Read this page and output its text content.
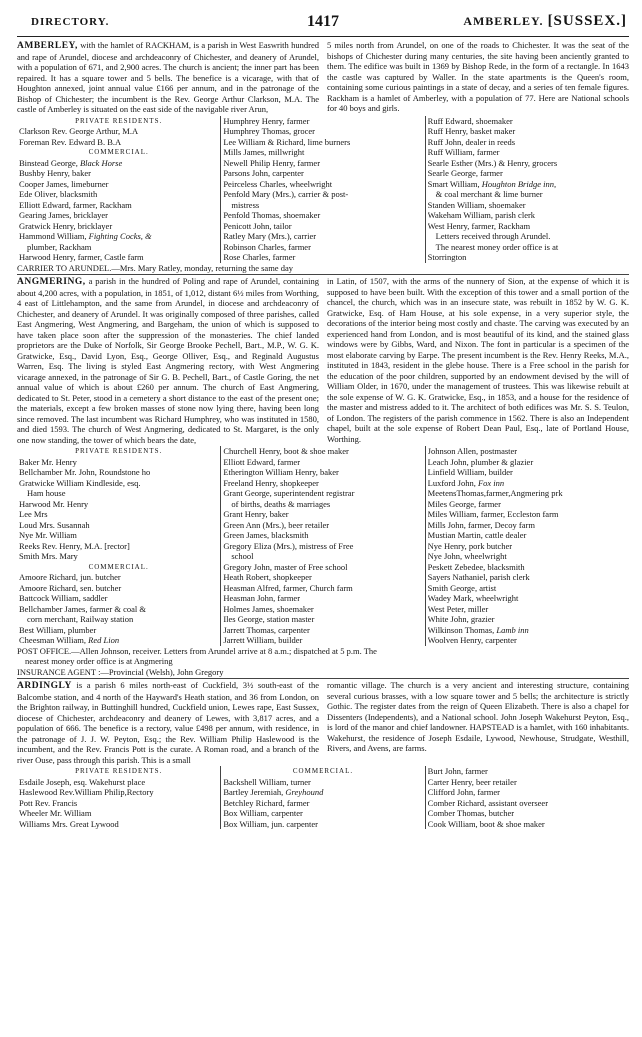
DIRECTORY.	1417	AMBERLEY. [SUSSEX.]
AMBERLEY, with the hamlet of RACKHAM, is a parish in West Easwrith hundred and rape of Arundel, diocese and archdeaconry of Chichester, and deanery of Arundel, with a population of 671, and 2,900 acres. The church is ancient; the inner part has been repaired. It has a square tower and 5 bells. The benefice is a vicarage, with that of Houghton annexed, joint annual value £166 per annum, and in the patronage of the Bishop of Chichester; the incumbent is the Rev. George Arthur Clarkson, M.A. The castle of Amberley is situated on the east side of the navigable river Arun,
5 miles north from Arundel, on one of the roads to Chichester. It was the seat of the bishops of Chichester during many centuries, the site having been anciently granted to them. The edifice was built in 1369 by Bishop Rede, in the form of a rectangle. In 1643 the castle was captured by Waller. In the state apartments is the Queen's room, containing some curious paintings in a state of decay, and a series of ten female figures. Rackham is a hamlet of Amberley, with a population of 77. Here are National schools for 40 boys and girls.
PRIVATE RESIDENTS.
Clarkson Rev. George Arthur, M.A
Foreman Rev. Edward B. B.A
COMMERCIAL.
Binstead George, Black Horse
Bushby Henry, baker
Cooper James, limeburner
Ede Oliver, blacksmith
Elliott Edward, farmer, Rackham
Gearing James, bricklayer
Gratwick Henry, bricklayer
Hammond William, Fighting Cocks, &
plumber, Rackham
Harwood Henry, farmer, Castle farm
Humphrey Henry, farmer
Humphrey Thomas, grocer
Lee William & Richard, lime burners
Mills James, millwright
Newell Philip Henry, farmer
Parsons John, carpenter
Peirceless Charles, wheelwright
Penfold Mary (Mrs.), carrier & post-
mistress
Penfold Thomas, shoemaker
Penicott John, tailor
Ratley Mary (Mrs.), carrier
Robinson Charles, farmer
Rose Charles, farmer
Ruff Edward, shoemaker
Ruff Henry, basket maker
Ruff John, dealer in reeds
Ruff William, farmer
Searle Esther (Mrs.) & Henry, grocers
Searle George, farmer
Smart William, Houghton Bridge inn,
& coal merchant & lime burner
Standen William, shoemaker
Wakeham William, parish clerk
West Henry, farmer, Rackham
Letters received through Arundel.
The nearest money order office is at
Storrington
CARRIER TO ARUNDEL.—Mrs. Mary Ratley, monday, returning the same day
ANGMERING, a parish in the hundred of Poling and rape of Arundel, containing about 4,200 acres, with a population, in 1851, of 1,012, distant 6½ miles from Worthing, 4 east of Littlehampton, and the same from Arundel, in diocese and archdeaconry of Chichester, and deanery of Arundel. It was originally composed of three parishes, called East Angmering, West Angmering, and Bargeham, the union of which is supposed to have taken place soon after the suppression of the monasteries. The chief landed proprietors are the Duke of Norfolk, Sir George Brooke Pechell, Bart., M.P., W. G. K. Gratwicke, Esq., David Lyon, Esq., George Olliver, Esq., and Reginald Augustus Warren, Esq. The living is styled East Angmering rectory, with West Angmering vicarage annexed, in the patronage of Sir G. B. Pechell, Bart., of Castle Goring, the net annual value of which is about £260 per annum. The church of East Angmering, dedicated to St. Peter, stood in a cemetery a short distance to the east of the present one; the materials, except a few broken masses of stone now lying there, having been long since removed. The last incumbent was Richard Humphrey, who was instituted in 1580, and died 1593. The church of West Angmering, dedicated to St. Margaret, is the only one now standing, the tower of which bears the date,
in Latin, of 1507, with the arms of the nunnery of Sion, at the expense of which it is supposed to have been built. With the exception of this tower and a small portion of the chancel, the church, which was in an insecure state, was rebuilt in 1852 by W. G. K. Gratwicke, Esq. of Ham House, at his sole expense, in a very superior style, the decorations of the interior being most costly and chaste. The carving was executed by an experienced hand from London, and is most beautiful of its kind, and the stained glass windows were by Gibbs, Ward, and Nixon. The font in particular is a specimen of the most elaborate carving by Earpe. The present incumbent is the Rev. Henry Reeks, M.A., instituted in 1843, resident in the glebe house. There is a Free school in the parish for the education of the poor children, supported by an endowment devised by the will of William Older, in 1670, under the management of trustees. This was likewise rebuilt at the sole expense of W. G. K. Gratwicke, Esq., in 1853, and a house for the residence of the master and mistress added to it. The architect of both edifices was Mr. S. S. Teulon, of London. The registers of the parish commence in 1562. There is also an Independent chapel, built at the sole expense of Robert Dean Paul, Esq., late of Portland House, Worthing.
PRIVATE RESIDENTS.
Baker Mr. Henry
Bellchamber Mr. John, Roundstone ho
Gratwicke William Kindleside, esq.
Ham house
Harwood Mr. Henry
Lee Mrs
Loud Mrs. Susannah
Nye Mr. William
Reeks Rev. Henry, M.A. [rector]
Smith Mrs. Mary
COMMERCIAL.
Amoore Richard, jun. butcher
Amoore Richard, sen. butcher
Battcock William, saddler
Bellchamber James, farmer & coal &
corn merchant, Railway station
Best William, plumber
Cheesman William, Red Lion
Churchell Henry, boot & shoe maker
Elliott Edward, farmer
Etherington William Henry, baker
Freeland Henry, shopkeeper
Grant George, superintendent registrar
of births, deaths & marriages
Grant Henry, baker
Green Ann (Mrs.), beer retailer
Green James, blacksmith
Gregory Eliza (Mrs.), mistress of Free
school
Gregory John, master of Free school
Heath Robert, shopkeeper
Heasman Alfred, farmer, Church farm
Heasman John, farmer
Holmes James, shoemaker
Iles George, station master
Jarrett Thomas, carpenter
Jarrett William, builder
Johnson Allen, postmaster
Leach John, plumber & glazier
Linfield William, builder
Luxford John, Fox inn
MeetensThomas,farmer,Angmering prk
Miles George, farmer
Miles William, farmer, Eccleston farm
Mills John, farmer, Decoy farm
Mustian Martin, cattle dealer
Nye Henry, pork butcher
Nye John, wheelwright
Peskett Zebedee, blacksmith
Sayers Nathaniel, parish clerk
Smith George, artist
Wadey Mark, wheelwright
West Peter, miller
White John, grazier
Wilkinson Thomas, Lamb inn
Woolven Henry, carpenter
POST OFFICE.—Allen Johnson, receiver. Letters from Arundel arrive at 8 a.m.; dispatched at 5 p.m. The
nearest money order office is at Angmering
INSURANCE AGENT :—Provincial (Welsh), John Gregory
ARDINGLY is a parish 6 miles north-east of Cuckfield, 3½ south-east of the Balcombe station, and 4 north of the Hayward's Heath station, and 36 from London, on the Brighton railway, in Buttinghill hundred, Cuckfield union, Lewes rape, East Sussex, diocese of Chichester, archdeaconry and deanery of Lewes, with 3,817 acres, and a population of 666. The benefice is a rectory, value £498 per annum, with residence, in the patronage of J. J. W. Peyton, Esq.; the Rev. William Philip Haslewood is the incumbent, and the Rev. Francis Pott is the curate. A Roman road, and a branch of the river Ouse, pass through this parish. This is a small
romantic village. The church is a very ancient and interesting structure, containing several curious brasses, with a low square tower and 5 bells; the architecture is strictly Gothic. The register dates from the reign of Queen Elizabeth. There is also a chapel for Dissenters (Independents), and a National school. John Joseph Wakehurst Peyton, Esq., is lord of the manor and chief landowner. HAPSTEAD is a hamlet, with 160 inhabitants. Wakehurst, the residence of Joseph Esdaile, Lywood, Newhouse, Strudgate, Westhill, Rivers, and Avens, are farms.
PRIVATE RESIDENTS.
Esdaile Joseph, esq. Wakehurst place
Haslewood Rev.William Philip,Rectory
Pott Rev. Francis
Wheeler Mr. William
Williams Mrs. Great Lywood
COMMERCIAL.
Backshell William, turner
Bartley Jeremiah, Greyhound
Betchley Richard, farmer
Box William, carpenter
Box William, jun. carpenter
Burt John, farmer
Carter Henry, beer retailer
Clifford John, farmer
Comber Richard, assistant overseer
Comber Thomas, butcher
Cook William, boot & shoe maker
